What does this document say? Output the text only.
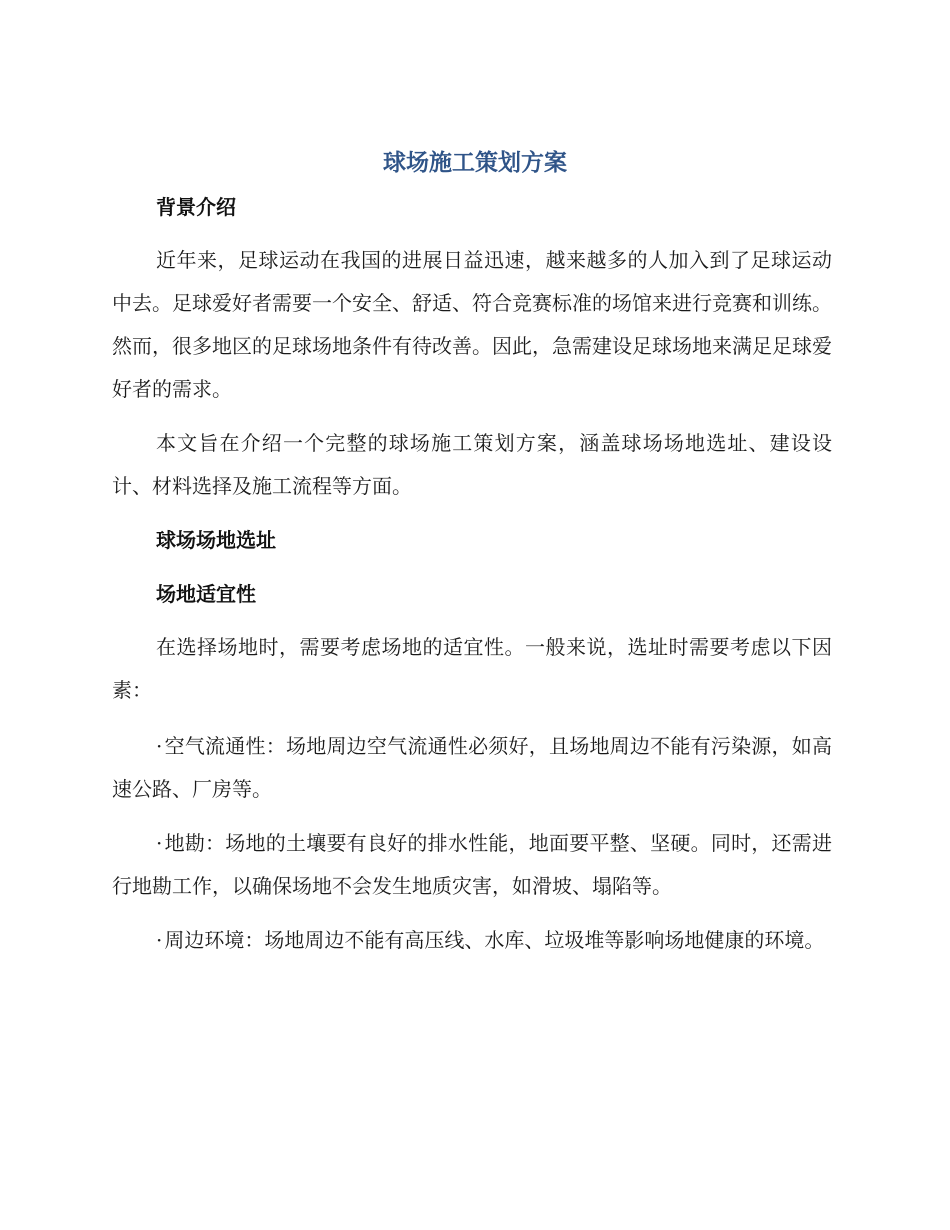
球场施工策划方案
背景介绍

近年来，足球运动在我国的进展日益迅速，越来越多的人加入到了足球运动中去。足球爱好者需要一个安全、舒适、符合竞赛标准的场馆来进行竞赛和训练。然而，很多地区的足球场地条件有待改善。因此，急需建设足球场地来满足足球爱好者的需求。

本文旨在介绍一个完整的球场施工策划方案，涵盖球场场地选址、建设设计、材料选择及施工流程等方面。

球场场地选址
场地适宜性

在选择场地时，需要考虑场地的适宜性。一般来说，选址时需要考虑以下因素：

· 空气流通性：场地周边空气流通性必须好，且场地周边不能有污染源，如高速公路、厂房等。

· 地勘：场地的土壤要有良好的排水性能，地面要平整、坚硬。同时，还需进行地勘工作，以确保场地不会发生地质灾害，如滑坡、塌陷等。

· 周边环境：场地周边不能有高压线、水库、垃圾堆等影响场地健康的环境。
